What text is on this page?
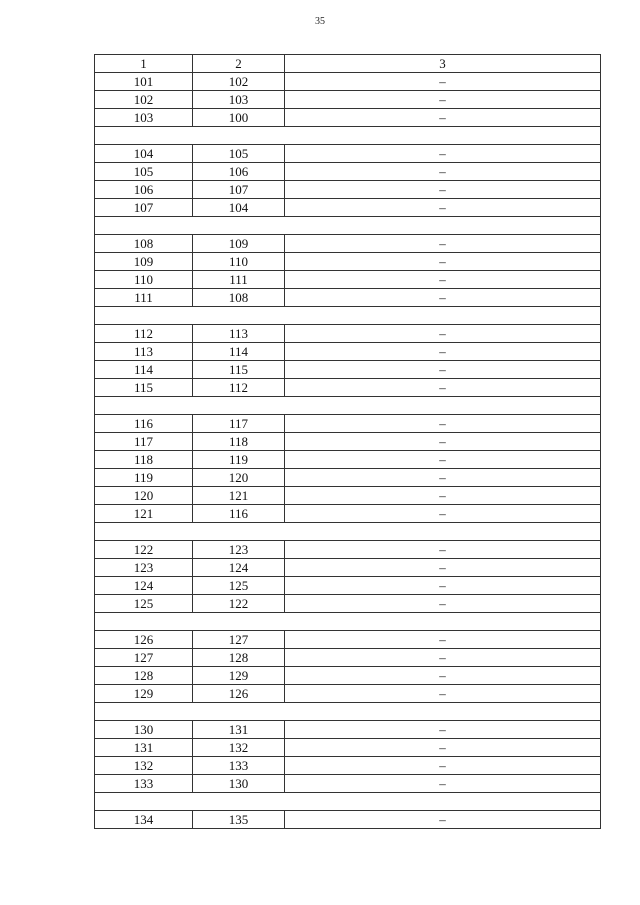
35
1	2	3
101	102	–
102	103	–
103	100	–

104	105	–
105	106	–
106	107	–
107	104	–

108	109	–
109	110	–
110	111	–
111	108	–

112	113	–
113	114	–
114	115	–
115	112	–

116	117	–
117	118	–
118	119	–
119	120	–
120	121	–
121	116	–

122	123	–
123	124	–
124	125	–
125	122	–

126	127	–
127	128	–
128	129	–
129	126	–

130	131	–
131	132	–
132	133	–
133	130	–

134	135	–
